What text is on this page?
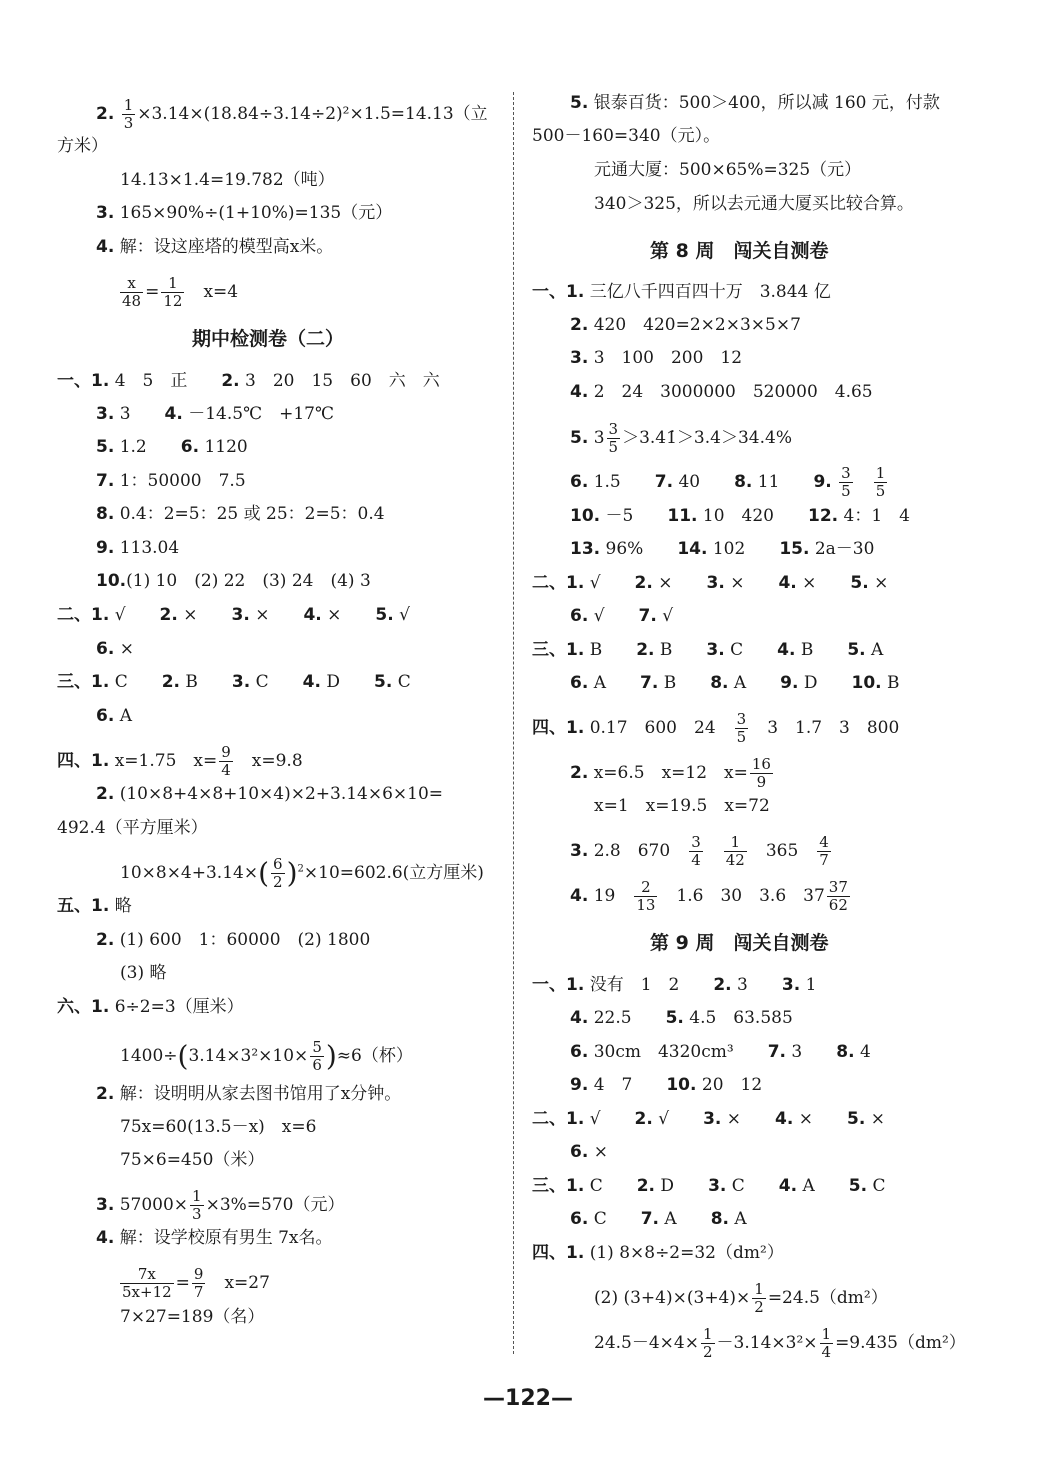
2. $\frac{1}{3} \times 3.14\times(18.84\div 3.14\div 2)^2\times 1.5=14.13$（立
方米）
14.13×1.4=19.782（吨）
3. 165×90%÷(1+10%)=135（元）
4. 解：设这座塔的模型高x米。
$\frac{x}{48} = \frac{1}{12}$
　 x=4
期中检测卷（二）
一、1. 4　5　正　　 2. 3　20　15　60　六　六
3. 3　　 4. －14.5℃　+17℃
5. 1.2　　 6. 1120
7. 1：50000　7.5
8. 0.4：2=5：25 或 25：2=5：0.4
9. 113.04
10.(1) 10　(2) 22　(3) 24　(4) 3
二、1. √　　 2. ×　　 3. ×　　 4. ×　　 5. √
6. ×
三、1. C　　 2. B　　 3. C　　 4. D　　 5. C
6. A
四、1. x=1.75　$x= \frac{9}{4}$
　 x=9.8
2. (10×8+4×8+10×4)×2+3.14×6×10=
492.4（平方厘米）
$10\times 8\times 4+3.14\times( \frac{6}{2} )^2\times 10=602.6$(立方厘米)
五、1. 略
2. (1) 600　1：60000　(2) 1800
(3) 略
六、1. 6÷2=3（厘米）
$1400\div(3.14\times 3^2\times 10\times \frac{5}{6} )\approx 6$（杯）
2. 解：设明明从家去图书馆用了x分钟。
75x=60(13.5－x)　x=6
75×6=450（米）
3. $57000\times \frac{1}{3} \times 3\%=570$（元）
4. 解：设学校原有男生 7x名。
$\frac{7x}{5x+12} = \frac{9}{7}$
　 x=27
7×27=189（名）
5. 银泰百货：500＞400，所以减 160 元，付款
500－160=340（元）。
元通大厦：500×65%=325（元）
340＞325，所以去元通大厦买比较合算。
第 8 周　闯关自测卷
一、1. 三亿八千四百四十万　3.844 亿
2. 420　420=2×2×3×5×7
3. 3　100　200　12
4. 2　24　3000000　520000　4.65
5. $3 \frac{3}{5}$ ＞3.41̇＞3.4＞34.4%
6. 1.5　　 7. 40　　 8. 11　　 9. $\frac{3}{5}$
　 $\frac{1}{5}$
10. －5　　 11. 10　420　　 12. 4：1　4
13. 96%　　 14. 102　　 15. 2a－30
二、1. √　　 2. ×　　 3. ×　　 4. ×　　 5. ×
6. √　　 7. √
三、1. B　　 2. B　　 3. C　　 4. B　　 5. A
6. A　　 7. B　　 8. A　　 9. D　　 10. B
四、1. 0.17　600　24　 $\frac{3}{5}$
　 3　1.7　3　800
2. x=6.5　x=12　$x= \frac{16}{9}$
x=1　x=19.5　x=72
3. 2.8　670　 $\frac{3}{4}$
　 $\frac{1}{42}$
　 365　 $\frac{4}{7}$
4. 19　 $\frac{2}{13}$
　 1.6　30　3.6　$37 \frac{37}{62}$
第 9 周　闯关自测卷
一、1. 没有　1　2　　 2. 3　　 3. 1
4. 22.5　　 5. 4.5　63.585
6. 30cm　4320cm³　　 7. 3　　 8. 4
9. 4　7　　 10. 20　12
二、1. √　　 2. √　　 3. ×　　 4. ×　　 5. ×
6. ×
三、1. C　　 2. D　　 3. C　　 4. A　　 5. C
6. C　　 7. A　　 8. A
四、1. (1) 8×8÷2=32（dm²）
(2) $(3+4)\times(3+4)\times \frac{1}{2} =24.5(dm^2)$
$24.5-4\times 4\times \frac{1}{2} -3.14\times 3^2\times \frac{1}{4} =9.435(dm^2)$
—122—
